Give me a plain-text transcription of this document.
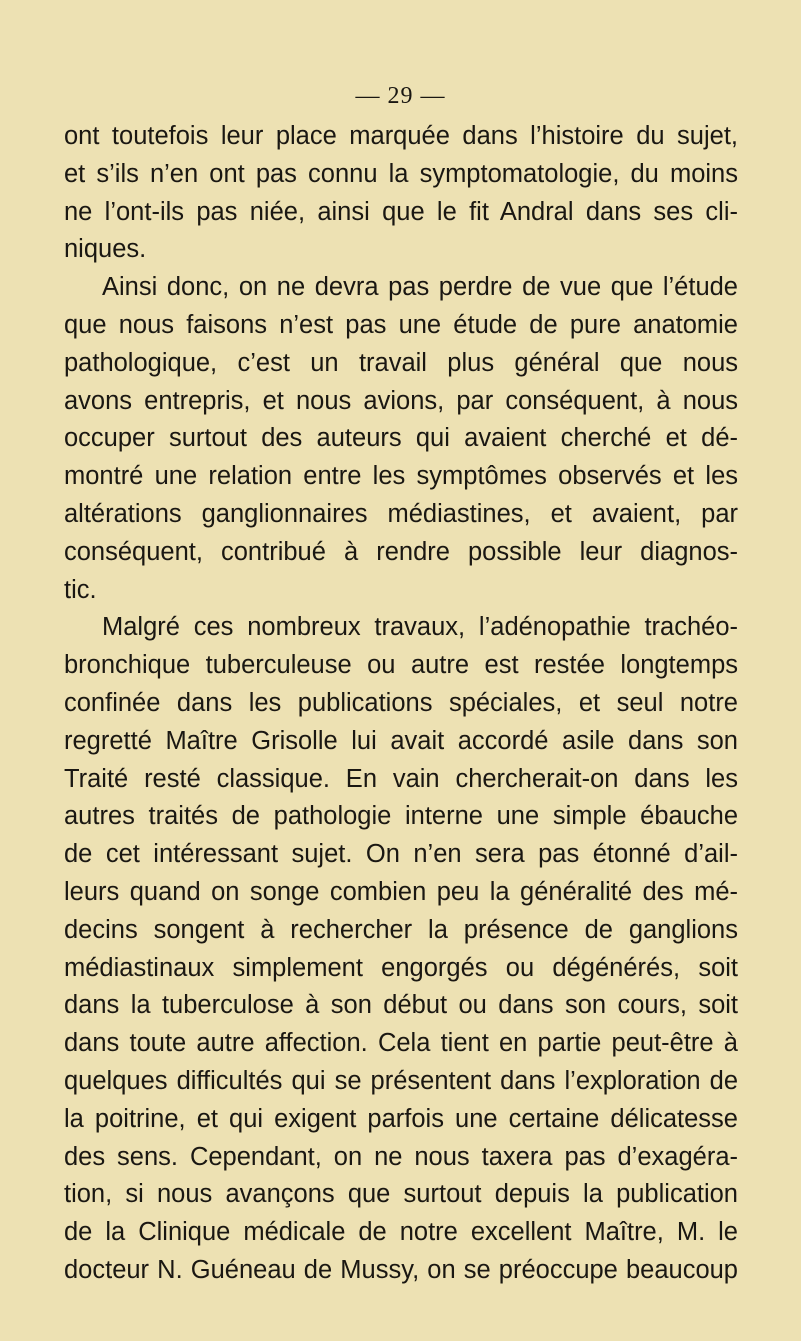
— 29 —
ont toutefois leur place marquée dans l’histoire du sujet,
et s’ils n’en ont pas connu la symptomatologie, du moins
ne l’ont-ils pas niée, ainsi que le fit Andral dans ses cli-
niques.
Ainsi donc, on ne devra pas perdre de vue que l’étude
que nous faisons n’est pas une étude de pure anatomie
pathologique, c’est un travail plus général que nous
avons entrepris, et nous avions, par conséquent, à nous
occuper surtout des auteurs qui avaient cherché et dé-
montré une relation entre les symptômes observés et les
altérations ganglionnaires médiastines, et avaient, par
conséquent, contribué à rendre possible leur diagnos-
tic.
Malgré ces nombreux travaux, l’adénopathie trachéo-
bronchique tuberculeuse ou autre est restée longtemps
confinée dans les publications spéciales, et seul notre
regretté Maître Grisolle lui avait accordé asile dans son
Traité resté classique. En vain chercherait-on dans les
autres traités de pathologie interne une simple ébauche
de cet intéressant sujet. On n’en sera pas étonné d’ail-
leurs quand on songe combien peu la généralité des mé-
decins songent à rechercher la présence de ganglions
médiastinaux simplement engorgés ou dégénérés, soit
dans la tuberculose à son début ou dans son cours, soit
dans toute autre affection. Cela tient en partie peut-être à
quelques difficultés qui se présentent dans l’exploration de
la poitrine, et qui exigent parfois une certaine délicatesse
des sens. Cependant, on ne nous taxera pas d’exagéra-
tion, si nous avançons que surtout depuis la publication
de la Clinique médicale de notre excellent Maître, M. le
docteur N. Guéneau de Mussy, on se préoccupe beaucoup
